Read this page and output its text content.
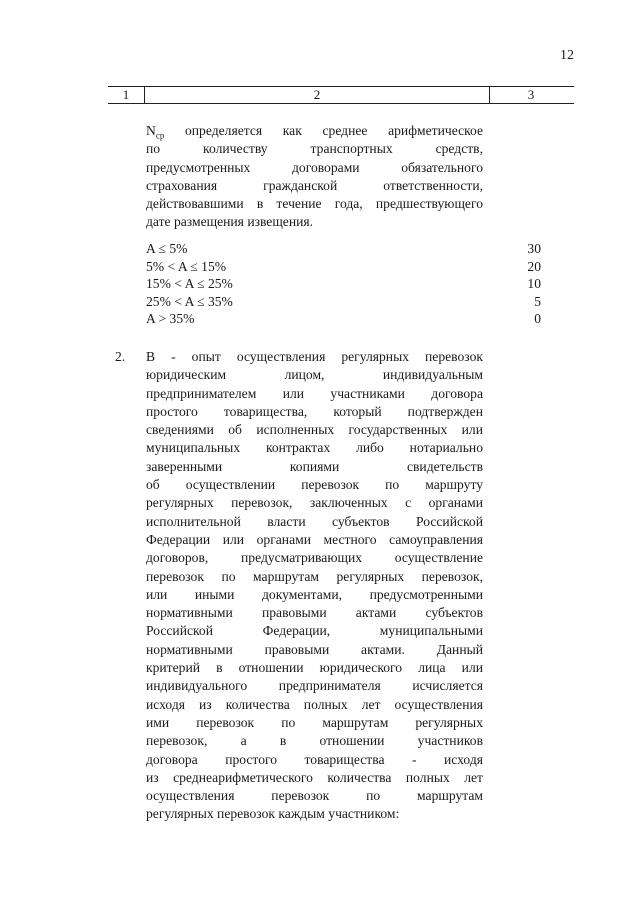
12
1	2	3
$N_{ср}$ определяется как среднее арифметическое
по количеству транспортных средств,
предусмотренных договорами обязательного
страхования гражданской ответственности,
действовавшими в течение года, предшествующего
дате размещения извещения.
A ≤ 5%	30
5% < A ≤ 15%	20
15% < A ≤ 25%	10
25% < A ≤ 35%	5
A > 35%	0
2. В - опыт осуществления регулярных перевозок
юридическим лицом, индивидуальным
предпринимателем или участниками договора
простого товарищества, который подтвержден
сведениями об исполненных государственных или
муниципальных контрактах либо нотариально
заверенными копиями свидетельств
об осуществлении перевозок по маршруту
регулярных перевозок, заключенных с органами
исполнительной власти субъектов Российской
Федерации или органами местного самоуправления
договоров, предусматривающих осуществление
перевозок по маршрутам регулярных перевозок,
или иными документами, предусмотренными
нормативными правовыми актами субъектов
Российской Федерации, муниципальными
нормативными правовыми актами. Данный
критерий в отношении юридического лица или
индивидуального предпринимателя исчисляется
исходя из количества полных лет осуществления
ими перевозок по маршрутам регулярных
перевозок, а в отношении участников
договора простого товарищества - исходя
из среднеарифметического количества полных лет
осуществления перевозок по маршрутам
регулярных перевозок каждым участником:
